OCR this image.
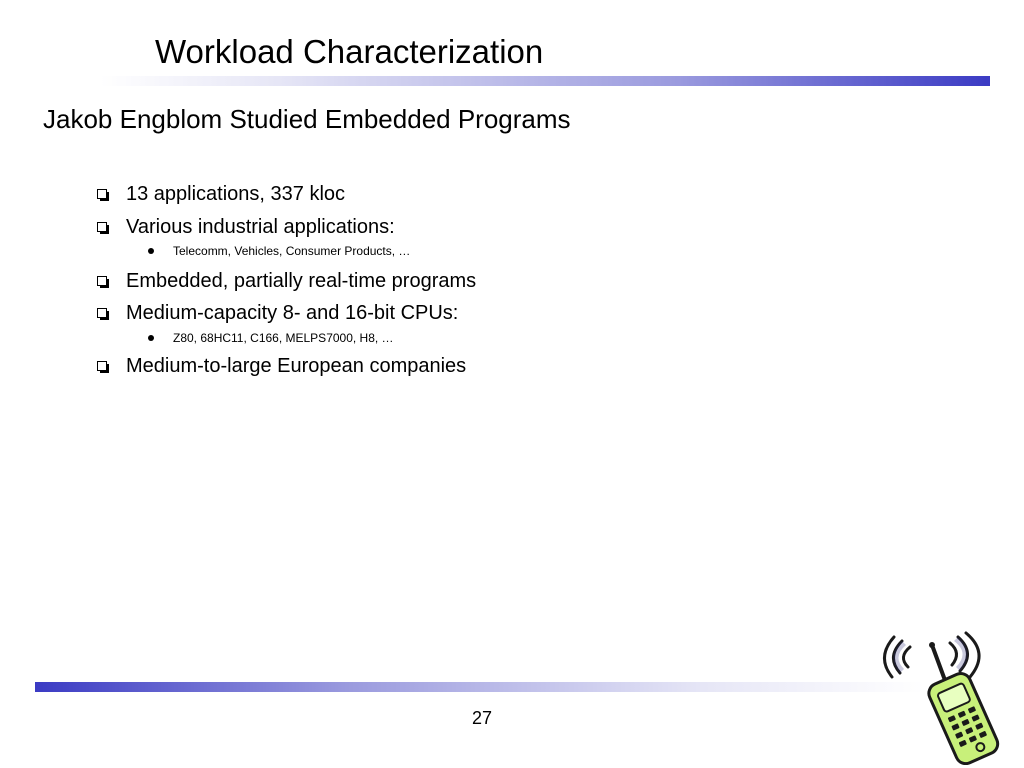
Workload Characterization
Jakob Engblom Studied Embedded Programs
13 applications, 337 kloc
Various industrial applications:
Telecomm, Vehicles, Consumer Products, …
Embedded, partially real-time programs
Medium-capacity 8- and 16-bit CPUs:
Z80, 68HC11, C166, MELPS7000, H8, …
Medium-to-large European companies
27
